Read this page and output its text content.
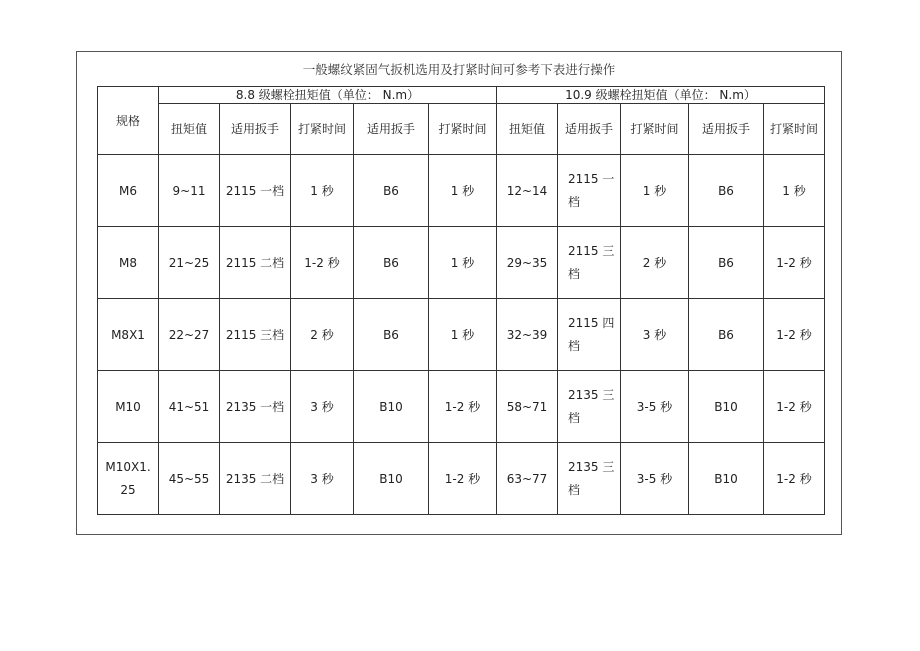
一般螺纹紧固气扳机选用及打紧时间可参考下表进行操作
规格	8.8 级螺栓扭矩值（单位： N.m）					10.9 级螺栓扭矩值（单位： N.m）				
	扭矩值	适用扳手	打紧时间	适用扳手	打紧时间	扭矩值	适用扳手	打紧时间	适用扳手	打紧时间
M6	9~11	2115 一档	1 秒	B6	1 秒	12~14	2115 一档	1 秒	B6	1 秒
M8	21~25	2115 二档	1-2 秒	B6	1 秒	29~35	2115 三档	2 秒	B6	1-2 秒
M8X1	22~27	2115 三档	2 秒	B6	1 秒	32~39	2115 四档	3 秒	B6	1-2 秒
M10	41~51	2135 一档	3 秒	B10	1-2 秒	58~71	2135 三档	3-5 秒	B10	1-2 秒

M10X1.25	45~55	2135 二档	3 秒	B10	1-2 秒	63~77	2135 三档	3-5 秒	B10	1-2 秒
